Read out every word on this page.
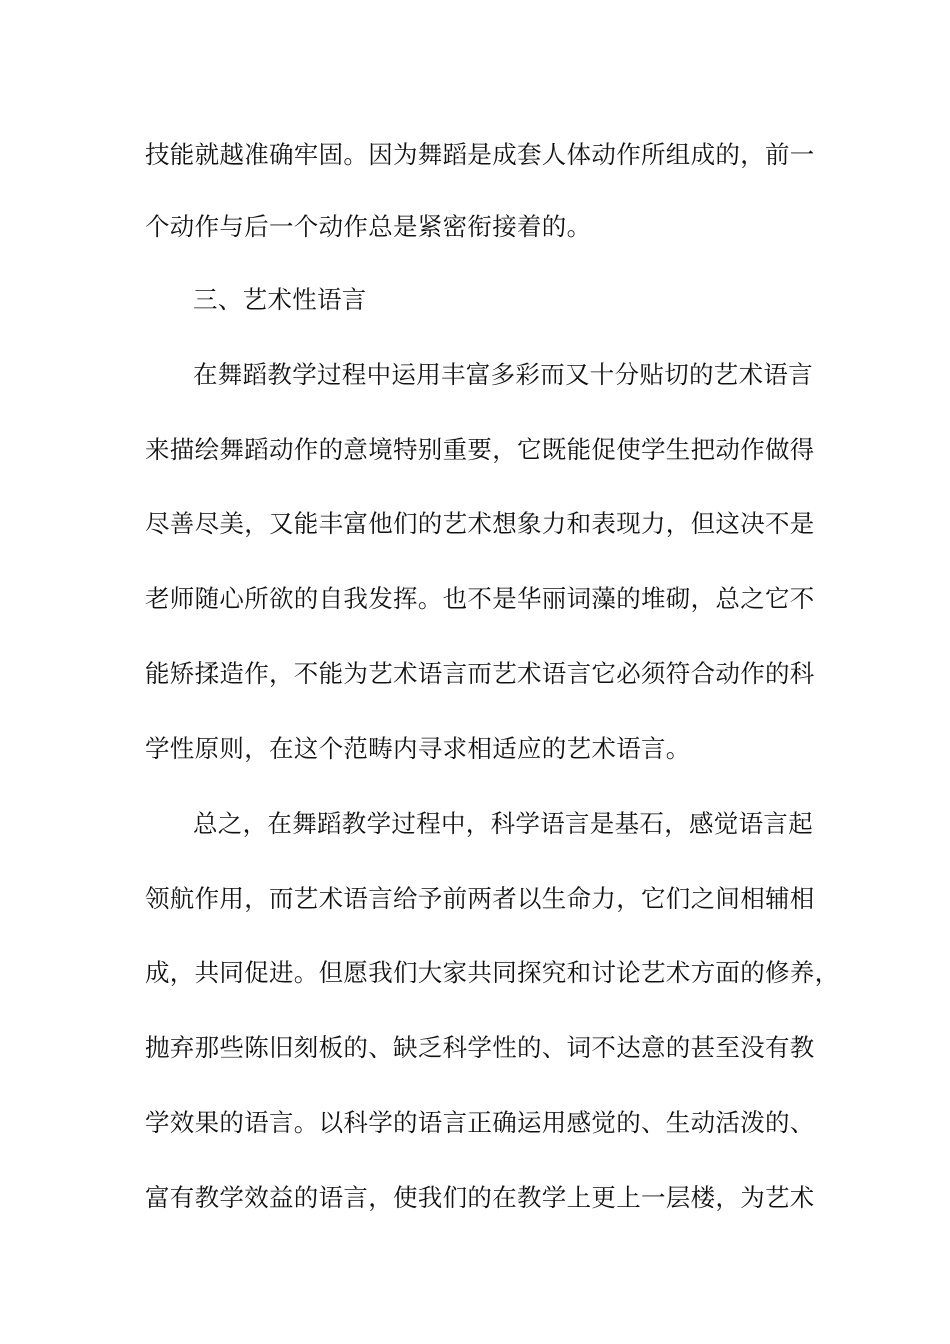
技能就越准确牢固。因为舞蹈是成套人体动作所组成的，前一
个动作与后一个动作总是紧密衔接着的。
三、艺术性语言
在舞蹈教学过程中运用丰富多彩而又十分贴切的艺术语言
来描绘舞蹈动作的意境特别重要，它既能促使学生把动作做得
尽善尽美，又能丰富他们的艺术想象力和表现力，但这决不是
老师随心所欲的自我发挥。也不是华丽词藻的堆砌，总之它不
能矫揉造作，不能为艺术语言而艺术语言它必须符合动作的科
学性原则，在这个范畴内寻求相适应的艺术语言。
总之，在舞蹈教学过程中，科学语言是基石，感觉语言起
领航作用，而艺术语言给予前两者以生命力，它们之间相辅相
成，共同促进。但愿我们大家共同探究和讨论艺术方面的修养，
抛弃那些陈旧刻板的、缺乏科学性的、词不达意的甚至没有教
学效果的语言。以科学的语言正确运用感觉的、生动活泼的、
富有教学效益的语言，使我们的在教学上更上一层楼，为艺术
